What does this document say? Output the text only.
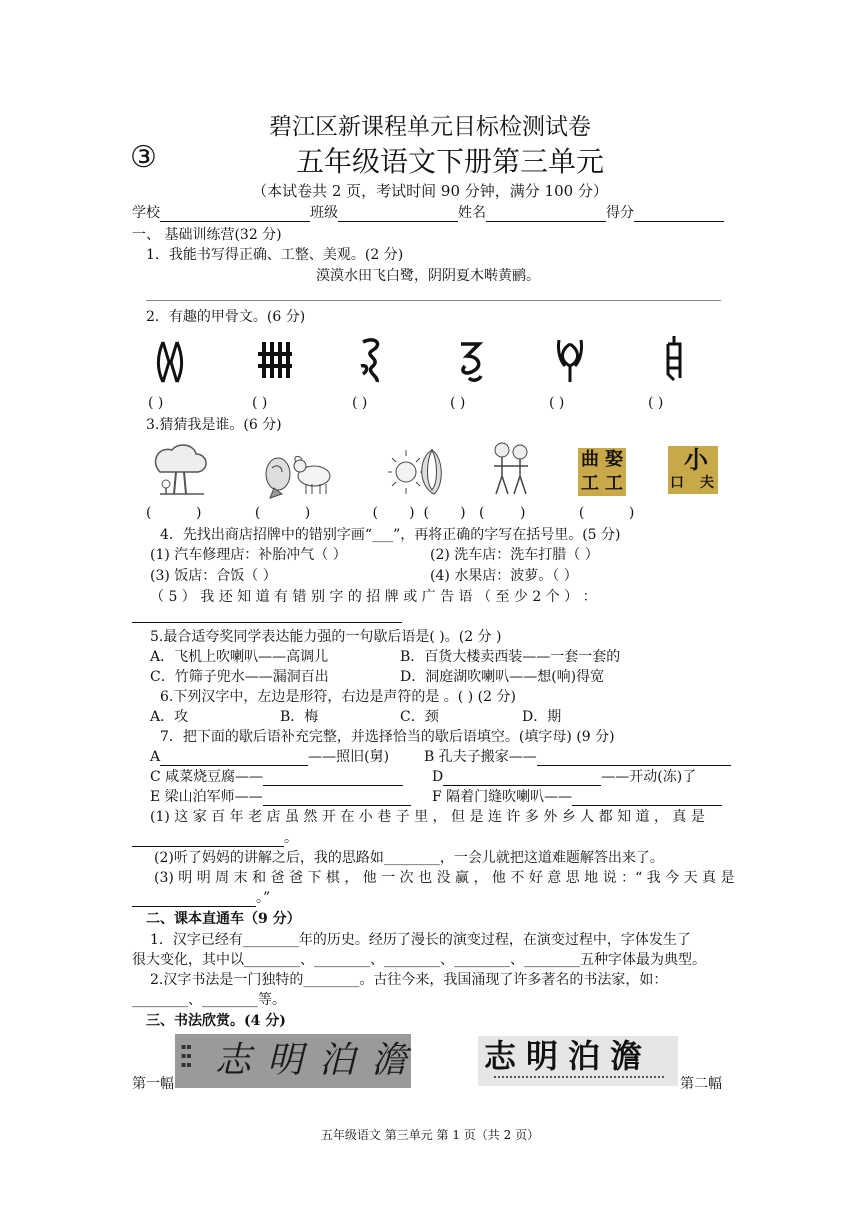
碧江区新课程单元目标检测试卷
③	五年级语文下册第三单元
（本试卷共 2 页，考试时间 90 分钟，满分 100 分）
学校	班级	姓名	得分
一、 基础训练营(32 分)
1．我能书写得正确、工整、美观。(2 分)
漠漠水田飞白鹭，阴阴夏木啭黄鹂。
2．有趣的甲骨文。(6 分)
( )	( )	( )	( )	( )	( )
3.猜猜我是谁。(6 分)
曲 娶
工 工
小
口 夫
(          )            (          )              (       )  (       )   (        )            (          )
4．先找出商店招牌中的错别字画“___”，再将正确的字写在括号里。(5 分)
(1) 汽车修理店：补胎冲气（ ）	(2) 洗车店：洗车打腊（ ）
(3) 饭店：合饭（ ）	(4) 水果店：波萝。（ ）
（ 5 ） 我 还 知 道 有 错 别 字 的 招 牌 或 广 告 语 （ 至 少 2 个 ） ：
5.最合适夸奖同学表达能力强的一句歇后语是( )。(2 分 )
A．飞机上吹喇叭——高调儿	B．百货大楼卖西装——一套一套的
C．竹筛子兜水——漏洞百出	D．洞庭湖吹喇叭——想(响)得宽
6.下列汉字中，左边是形符，右边是声符的是 。( ) (2 分)
A．攻	B．梅	C．颈	D．期
7．把下面的歇后语补充完整，并选择恰当的歇后语填空。(填字母) (9 分)
A	——照旧(舅) B 孔夫子搬家——
C 咸菜烧豆腐——	D	——开动(冻)了
E 梁山泊军师——	F 隔着门缝吹喇叭——
(1) 这 家 百 年 老 店 虽 然 开 在 小 巷 子 里 ， 但 是 连 许 多 外 乡 人 都 知 道 ， 真 是
。
(2)听了妈妈的讲解之后，我的思路如________，一会儿就把这道难题解答出来了。
(3) 明 明 周 末 和 爸 爸 下 棋 ， 他 一 次 也 没 赢 ， 他 不 好 意 思 地 说 ：“ 我 今 天 真 是
。”
二、课本直通车（9 分）
1．汉字已经有________年的历史。经历了漫长的演变过程，在演变过程中，字体发生了
很大变化，其中以________、________、________、________、________五种字体最为典型。
2.汉字书法是一门独特的________。古往今来，我国涌现了许多著名的书法家，如：
________、________等。
三、书法欣赏。(4 分)
▪▪
▪▪
▪▪ 志明泊澹 志明泊澹
第一幅	第二幅
五年级语文 第三单元 第 1 页（共 2 页）
